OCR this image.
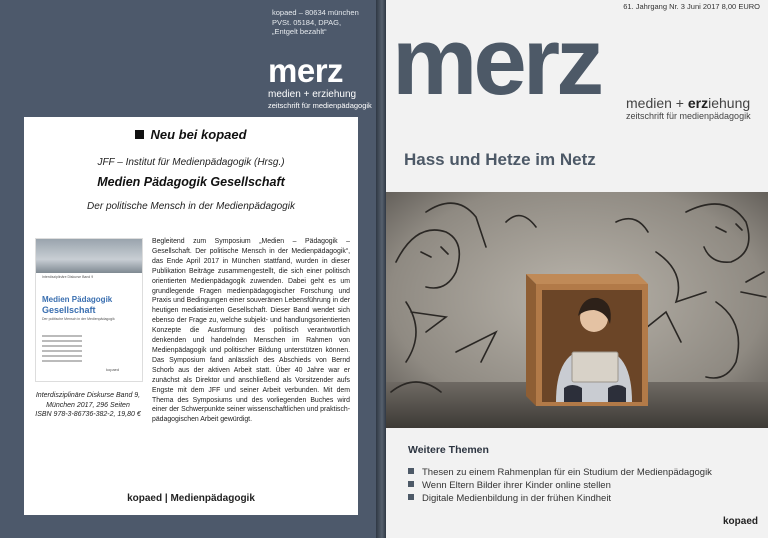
kopaed – 80634 münchen
PVSt. 05184, DPAG,
„Entgelt bezahlt“
merz
medien + erziehung
zeitschrift für medienpädagogik
Neu bei kopaed
JFF – Institut für Medienpädagogik (Hrsg.)
Medien Pädagogik Gesellschaft
Der politische Mensch in der Medienpädagogik
Interdisziplinäre Diskurse Band 9
Medien Pädagogik
Gesellschaft
Der politische Mensch in der Medienpädagogik
kopaed
Interdisziplinäre Diskurse Band 9,
München 2017, 296 Seiten
ISBN 978-3-86736-382-2, 19,80 €
Begleitend zum Symposium „Medien – Pädagogik – Gesellschaft. Der politische Mensch in der Medienpädagogik“, das Ende April 2017 in München stattfand, wurden in dieser Publikation Beiträge zusammengestellt, die sich einer politisch orientierten Medienpädagogik zuwenden. Dabei geht es um grundlegende Fragen medienpädagogischer Forschung und Praxis und Bedingungen einer souveränen Lebensführung in der heutigen mediatisierten Gesellschaft. Dieser Band wendet sich ebenso der Frage zu, welche subjekt- und handlungsorientierten Konzepte die Ausformung des politisch verantwortlich denkenden und handelnden Menschen im Rahmen von Medienpädagogik und politischer Bildung unterstützen können. Das Symposium fand anlässlich des Abschieds von Bernd Schorb aus der aktiven Arbeit statt. Über 40 Jahre war er zunächst als Direktor und anschließend als Vorsitzender aufs Engste mit dem JFF und seiner Arbeit verbunden. Mit dem Thema des Symposiums und des vorliegenden Buches wird einer der Schwerpunkte seiner wissenschaftlichen und praktisch-pädagogischen Arbeit gewürdigt.
kopaed | Medienpädagogik
61. Jahrgang Nr. 3 Juni 2017 8,00 EURO
merz medien + erziehung
zeitschrift für medienpädagogik
Hass und Hetze im Netz
Weitere Themen
Thesen zu einem Rahmenplan für ein Studium der Medienpädagogik
Wenn Eltern Bilder ihrer Kinder online stellen
Digitale Medienbildung in der frühen Kindheit
kopaed
